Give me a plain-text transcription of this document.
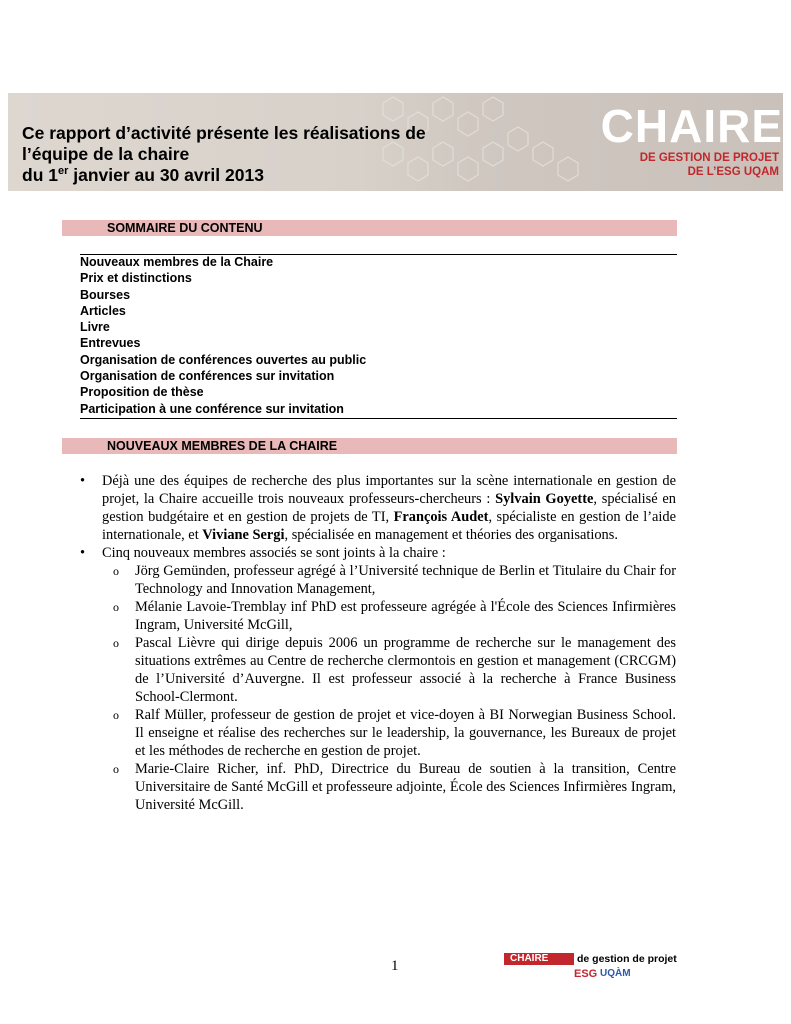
Ce rapport d’activité présente les réalisations de
l’équipe de la chaire
du 1er janvier au 30 avril 2013
CHAIRE
DE GESTION DE PROJET
DE L’ESG UQAM
SOMMAIRE DU CONTENU
Nouveaux membres de la Chaire
Prix et distinctions
Bourses
Articles
Livre
Entrevues
Organisation de conférences ouvertes au public
Organisation de conférences sur invitation
Proposition de thèse
Participation à une conférence sur invitation
NOUVEAUX MEMBRES DE LA CHAIRE
• Déjà une des équipes de recherche des plus importantes sur la scène internationale en gestion de projet, la Chaire accueille trois nouveaux professeurs-chercheurs : Sylvain Goyette, spécialisé en gestion budgétaire et en gestion de projets de TI, François Audet, spécialiste en gestion de l’aide internationale, et Viviane Sergi, spécialisée en management et théories des organisations.
• Cinq nouveaux membres associés se sont joints à la chaire :
o Jörg Gemünden, professeur agrégé à l’Université technique de Berlin et Titulaire du Chair for Technology and Innovation Management,
o Mélanie Lavoie-Tremblay inf PhD est professeure agrégée à l'École des Sciences Infirmières Ingram, Université McGill,
o Pascal Lièvre qui dirige depuis 2006 un programme de recherche sur le management des situations extrêmes au Centre de recherche clermontois en gestion et management (CRCGM) de l’Université d’Auvergne. Il est professeur associé à la recherche à France Business School-Clermont.
o Ralf Müller, professeur de gestion de projet et vice-doyen à BI Norwegian Business School. Il enseigne et réalise des recherches sur le leadership, la gouvernance, les Bureaux de projet et les méthodes de recherche en gestion de projet.
o Marie-Claire Richer, inf. PhD, Directrice du Bureau de soutien à la transition, Centre Universitaire de Santé McGill et professeure adjointe, École des Sciences Infirmières Ingram, Université McGill.
1	CHAIRE	de gestion de projet
ESG UQÀM
